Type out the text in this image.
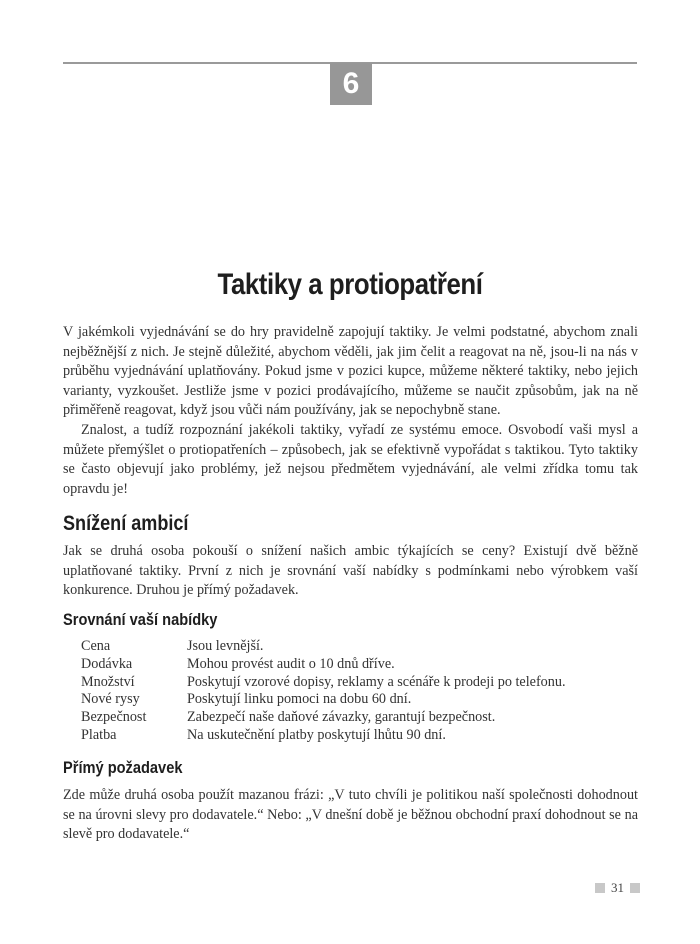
6
Taktiky a protiopatření

V jakémkoli vyjednávání se do hry pravidelně zapojují taktiky. Je velmi podstatné, abychom znali nejběžnější z nich. Je stejně důležité, abychom věděli, jak jim čelit a reagovat na ně, jsou-li na nás v průběhu vyjednávání uplatňovány. Pokud jsme v pozici kupce, můžeme některé taktiky, nebo jejich varianty, vyzkoušet. Jestliže jsme v pozici prodávajícího, můžeme se naučit způsobům, jak na ně přiměřeně reagovat, když jsou vůči nám používány, jak se nepochybně stane.

Znalost, a tudíž rozpoznání jakékoli taktiky, vyřadí ze systému emoce. Osvobodí vaši mysl a můžete přemýšlet o protiopatřeních – způsobech, jak se efektivně vypořádat s taktikou. Tyto taktiky se často objevují jako problémy, jež nejsou předmětem vyjednávání, ale velmi zřídka tomu tak opravdu je!

Snížení ambicí

Jak se druhá osoba pokouší o snížení našich ambic týkajících se ceny? Existují dvě běžně uplatňované taktiky. První z nich je srovnání vaší nabídky s podmínkami nebo výrobkem vaší konkurence. Druhou je přímý požadavek.

Srovnání vaší nabídky
Cena	Jsou levnější.
Dodávka	Mohou provést audit o 10 dnů dříve.
Množství	Poskytují vzorové dopisy, reklamy a scénáře k prodeji po telefonu.
Nové rysy	Poskytují linku pomoci na dobu 60 dní.
Bezpečnost	Zabezpečí naše daňové závazky, garantují bezpečnost.
Platba	Na uskutečnění platby poskytují lhůtu 90 dní.
Přímý požadavek

Zde může druhá osoba použít mazanou frázi: „V tuto chvíli je politikou naší společnosti dohodnout se na úrovni slevy pro dodavatele.“ Nebo: „V dnešní době je běžnou obchodní praxí dohodnout se na slevě pro dodavatele.“

31
